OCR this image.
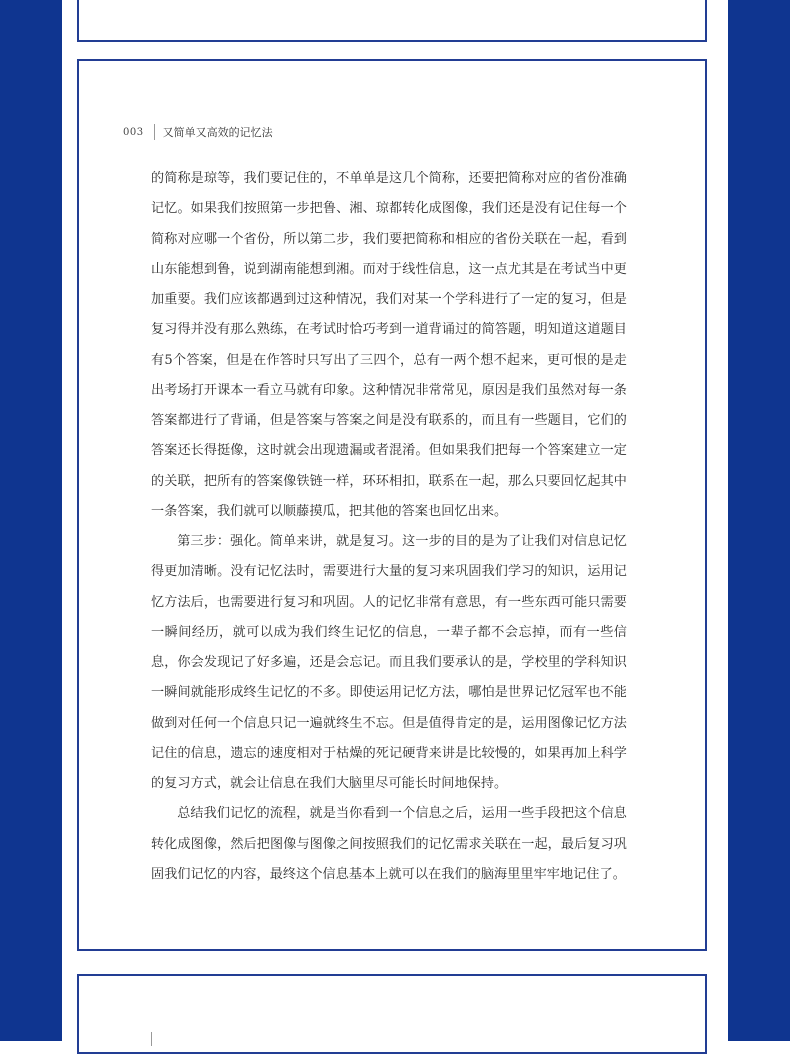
003 又简单又高效的记忆法

的简称是琼等，我们要记住的，不单单是这几个简称，还要把简称对应的省份准确记忆。如果我们按照第一步把鲁、湘、琼都转化成图像，我们还是没有记住每一个简称对应哪一个省份，所以第二步，我们要把简称和相应的省份关联在一起，看到山东能想到鲁，说到湖南能想到湘。而对于线性信息，这一点尤其是在考试当中更加重要。我们应该都遇到过这种情况，我们对某一个学科进行了一定的复习，但是复习得并没有那么熟练，在考试时恰巧考到一道背诵过的简答题，明知道这道题目有5个答案，但是在作答时只写出了三四个，总有一两个想不起来，更可恨的是走出考场打开课本一看立马就有印象。这种情况非常常见，原因是我们虽然对每一条答案都进行了背诵，但是答案与答案之间是没有联系的，而且有一些题目，它们的答案还长得挺像，这时就会出现遗漏或者混淆。但如果我们把每一个答案建立一定的关联，把所有的答案像铁链一样，环环相扣，联系在一起，那么只要回忆起其中一条答案，我们就可以顺藤摸瓜，把其他的答案也回忆出来。

第三步：强化。简单来讲，就是复习。这一步的目的是为了让我们对信息记忆得更加清晰。没有记忆法时，需要进行大量的复习来巩固我们学习的知识，运用记忆方法后，也需要进行复习和巩固。人的记忆非常有意思，有一些东西可能只需要一瞬间经历，就可以成为我们终生记忆的信息，一辈子都不会忘掉，而有一些信息，你会发现记了好多遍，还是会忘记。而且我们要承认的是，学校里的学科知识一瞬间就能形成终生记忆的不多。即使运用记忆方法，哪怕是世界记忆冠军也不能做到对任何一个信息只记一遍就终生不忘。但是值得肯定的是，运用图像记忆方法记住的信息，遗忘的速度相对于枯燥的死记硬背来讲是比较慢的，如果再加上科学的复习方式，就会让信息在我们大脑里尽可能长时间地保持。

总结我们记忆的流程，就是当你看到一个信息之后，运用一些手段把这个信息转化成图像，然后把图像与图像之间按照我们的记忆需求关联在一起，最后复习巩固我们记忆的内容，最终这个信息基本上就可以在我们的脑海里里牢牢地记住了。
